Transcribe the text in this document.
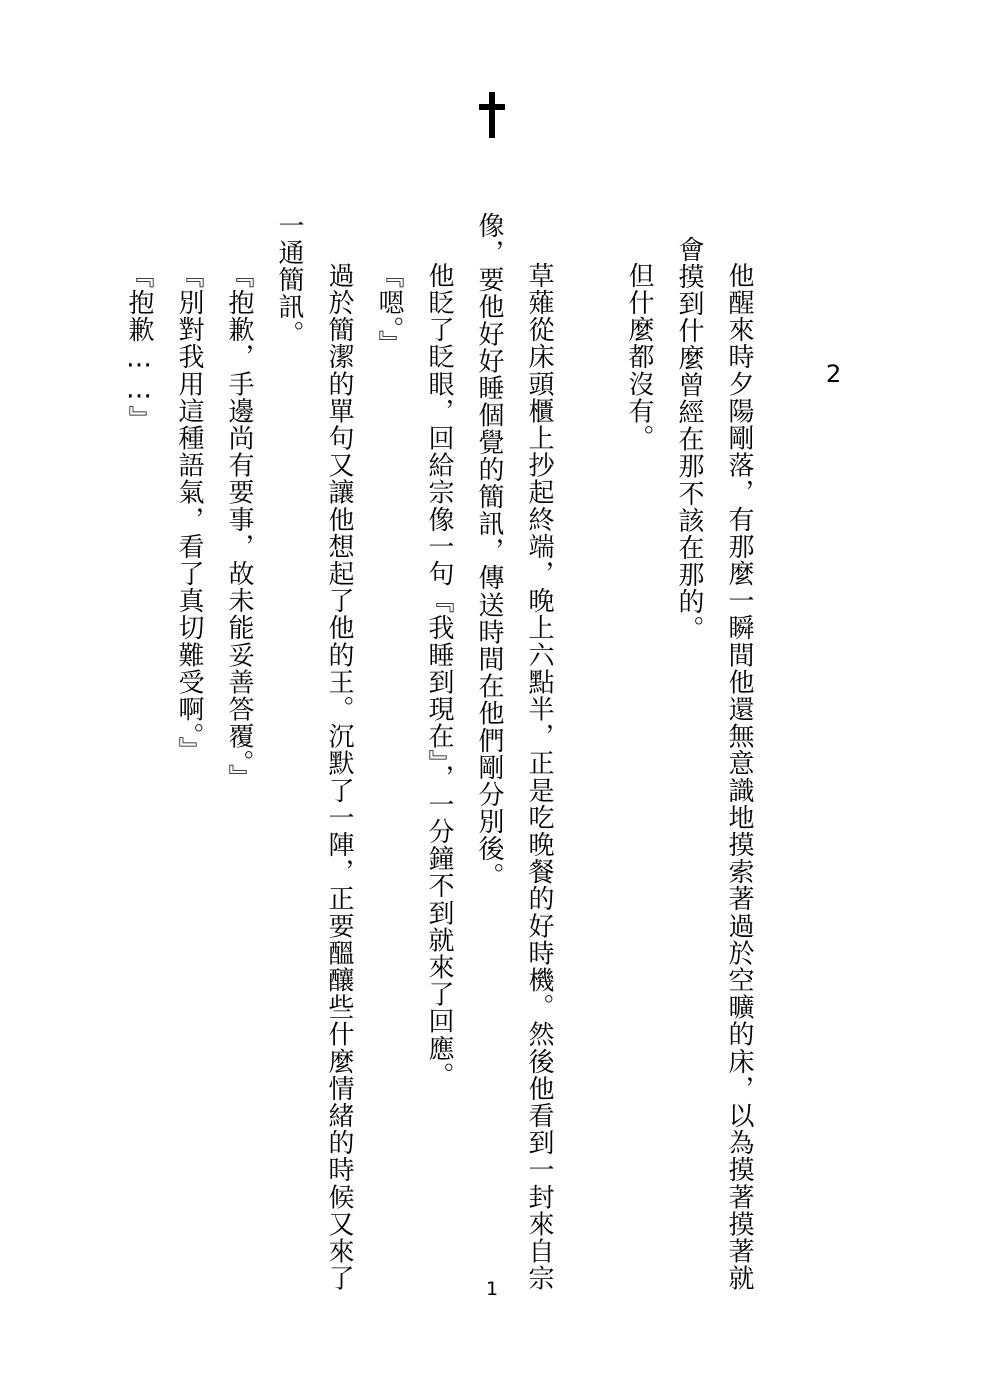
2
他醒來時夕陽剛落，有那麼一瞬間他還無意識地摸索著過於空曠的床，以為摸著摸著就
會摸到什麼曾經在那不該在那的。
但什麼都沒有。
草薙從床頭櫃上抄起終端，晚上六點半，正是吃晚餐的好時機。然後他看到一封來自宗
像，要他好好睡個覺的簡訊，傳送時間在他們剛分別後。
他眨了眨眼，回給宗像一句『我睡到現在』，一分鐘不到就來了回應。
『嗯。』
過於簡潔的單句又讓他想起了他的王。沉默了一陣，正要醞釀些什麼情緒的時候又來了
一通簡訊。
『抱歉，手邊尚有要事，故未能妥善答覆。』
『別對我用這種語氣，看了真切難受啊。』
『抱歉……』
1
